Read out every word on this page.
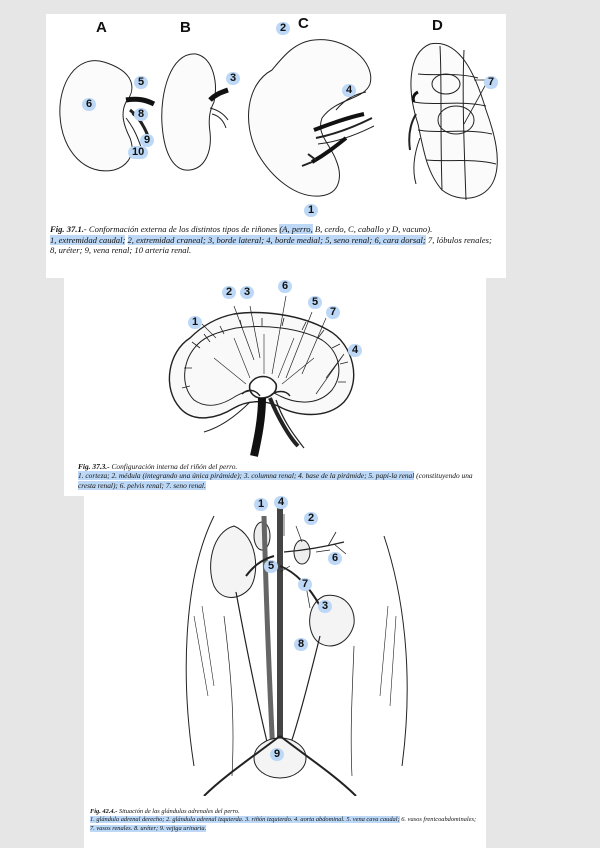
A	B	C	D
1
2
3
4
5
6
7
8
9
10
Fig. 37.1.- Conformación externa de los distintos tipos de riñones (A, perro, B, cerdo, C, caballo y D, vacuno).
1, extremidad caudal; 2, extremidad craneal; 3, borde lateral; 4, borde medial; 5, seno renal; 6, cara dorsal; 7, lóbulos renales; 8, uréter; 9, vena renal; 10 arteria renal.
1
2	3
4
5
6
7
Fig. 37.3.- Configuración interna del riñón del perro.
1. corteza; 2. médula (integrando una única pirámide); 3. columna renal; 4. base de la pirámide; 5. papi-la renal (constituyendo una cresta renal); 6. pelvis renal; 7. seno renal.
1
2
3
4
5
6
7
8
9
Fig. 42.4.- Situación de las glándulas adrenales del perro.
1. glándula adrenal derecho; 2. glándula adrenal izquierda. 3. riñón izquierdo. 4. aorta abdominal. 5. vena cava caudal; 6. vasos frenicoabdominales; 7. vasos renales. 8. uréter; 9. vejiga urinaria.
